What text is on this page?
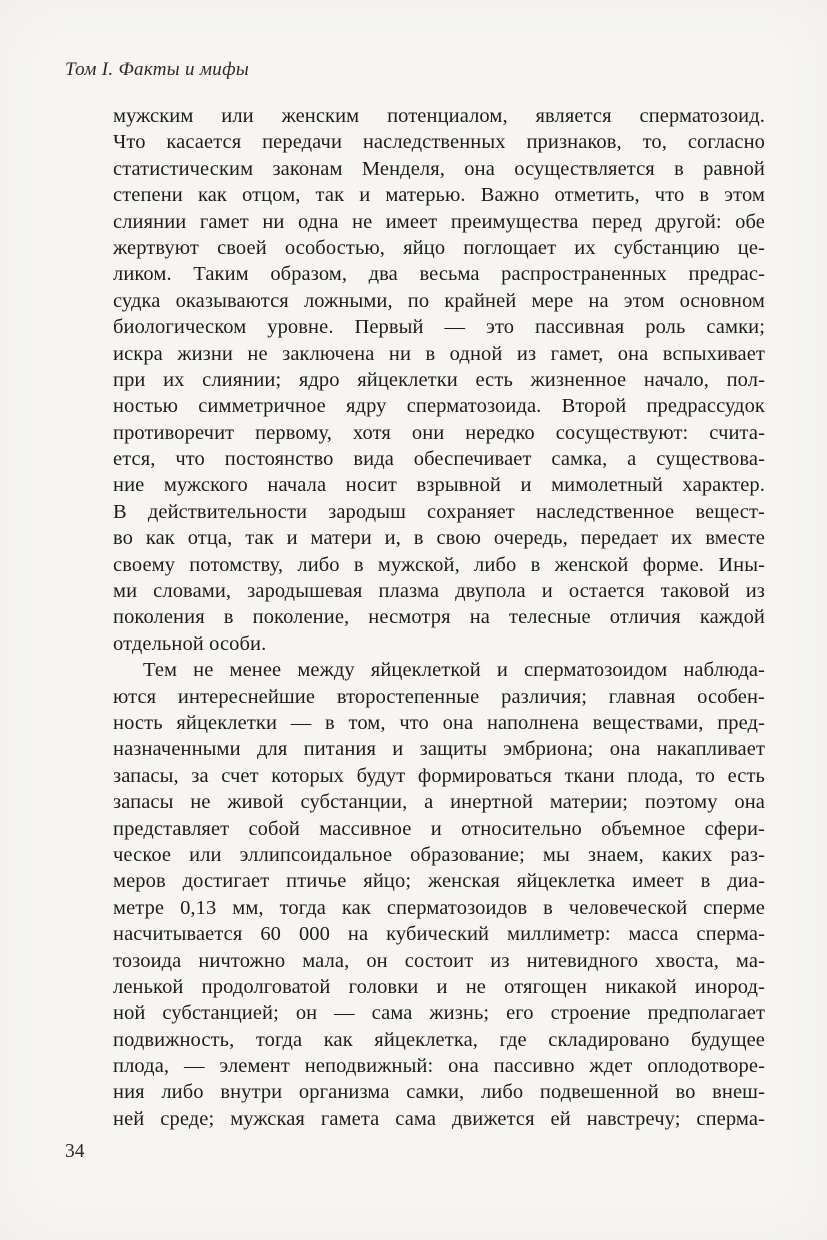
Том I. Факты и мифы
мужским или женским потенциалом, является сперматозоид.
Что касается передачи наследственных признаков, то, согласно
статистическим законам Менделя, она осуществляется в равной
степени как отцом, так и матерью. Важно отметить, что в этом
слиянии гамет ни одна не имеет преимущества перед другой: обе
жертвуют своей особостью, яйцо поглощает их субстанцию це-
ликом. Таким образом, два весьма распространенных предрас-
судка оказываются ложными, по крайней мере на этом основном
биологическом уровне. Первый — это пассивная роль самки;
искра жизни не заключена ни в одной из гамет, она вспыхивает
при их слиянии; ядро яйцеклетки есть жизненное начало, пол-
ностью симметричное ядру сперматозоида. Второй предрассудок
противоречит первому, хотя они нередко сосуществуют: счита-
ется, что постоянство вида обеспечивает самка, а существова-
ние мужского начала носит взрывной и мимолетный характер.
В действительности зародыш сохраняет наследственное вещест-
во как отца, так и матери и, в свою очередь, передает их вместе
своему потомству, либо в мужской, либо в женской форме. Ины-
ми словами, зародышевая плазма двупола и остается таковой из
поколения в поколение, несмотря на телесные отличия каждой
отдельной особи.
Тем не менее между яйцеклеткой и сперматозоидом наблюда-
ются интереснейшие второстепенные различия; главная особен-
ность яйцеклетки — в том, что она наполнена веществами, пред-
назначенными для питания и защиты эмбриона; она накапливает
запасы, за счет которых будут формироваться ткани плода, то есть
запасы не живой субстанции, а инертной материи; поэтому она
представляет собой массивное и относительно объемное сфери-
ческое или эллипсоидальное образование; мы знаем, каких раз-
меров достигает птичье яйцо; женская яйцеклетка имеет в диа-
метре 0,13 мм, тогда как сперматозоидов в человеческой сперме
насчитывается 60 000 на кубический миллиметр: масса сперма-
тозоида ничтожно мала, он состоит из нитевидного хвоста, ма-
ленькой продолговатой головки и не отягощен никакой инород-
ной субстанцией; он — сама жизнь; его строение предполагает
подвижность, тогда как яйцеклетка, где складировано будущее
плода, — элемент неподвижный: она пассивно ждет оплодотворе-
ния либо внутри организма самки, либо подвешенной во внеш-
ней среде; мужская гамета сама движется ей навстречу; сперма-
34
